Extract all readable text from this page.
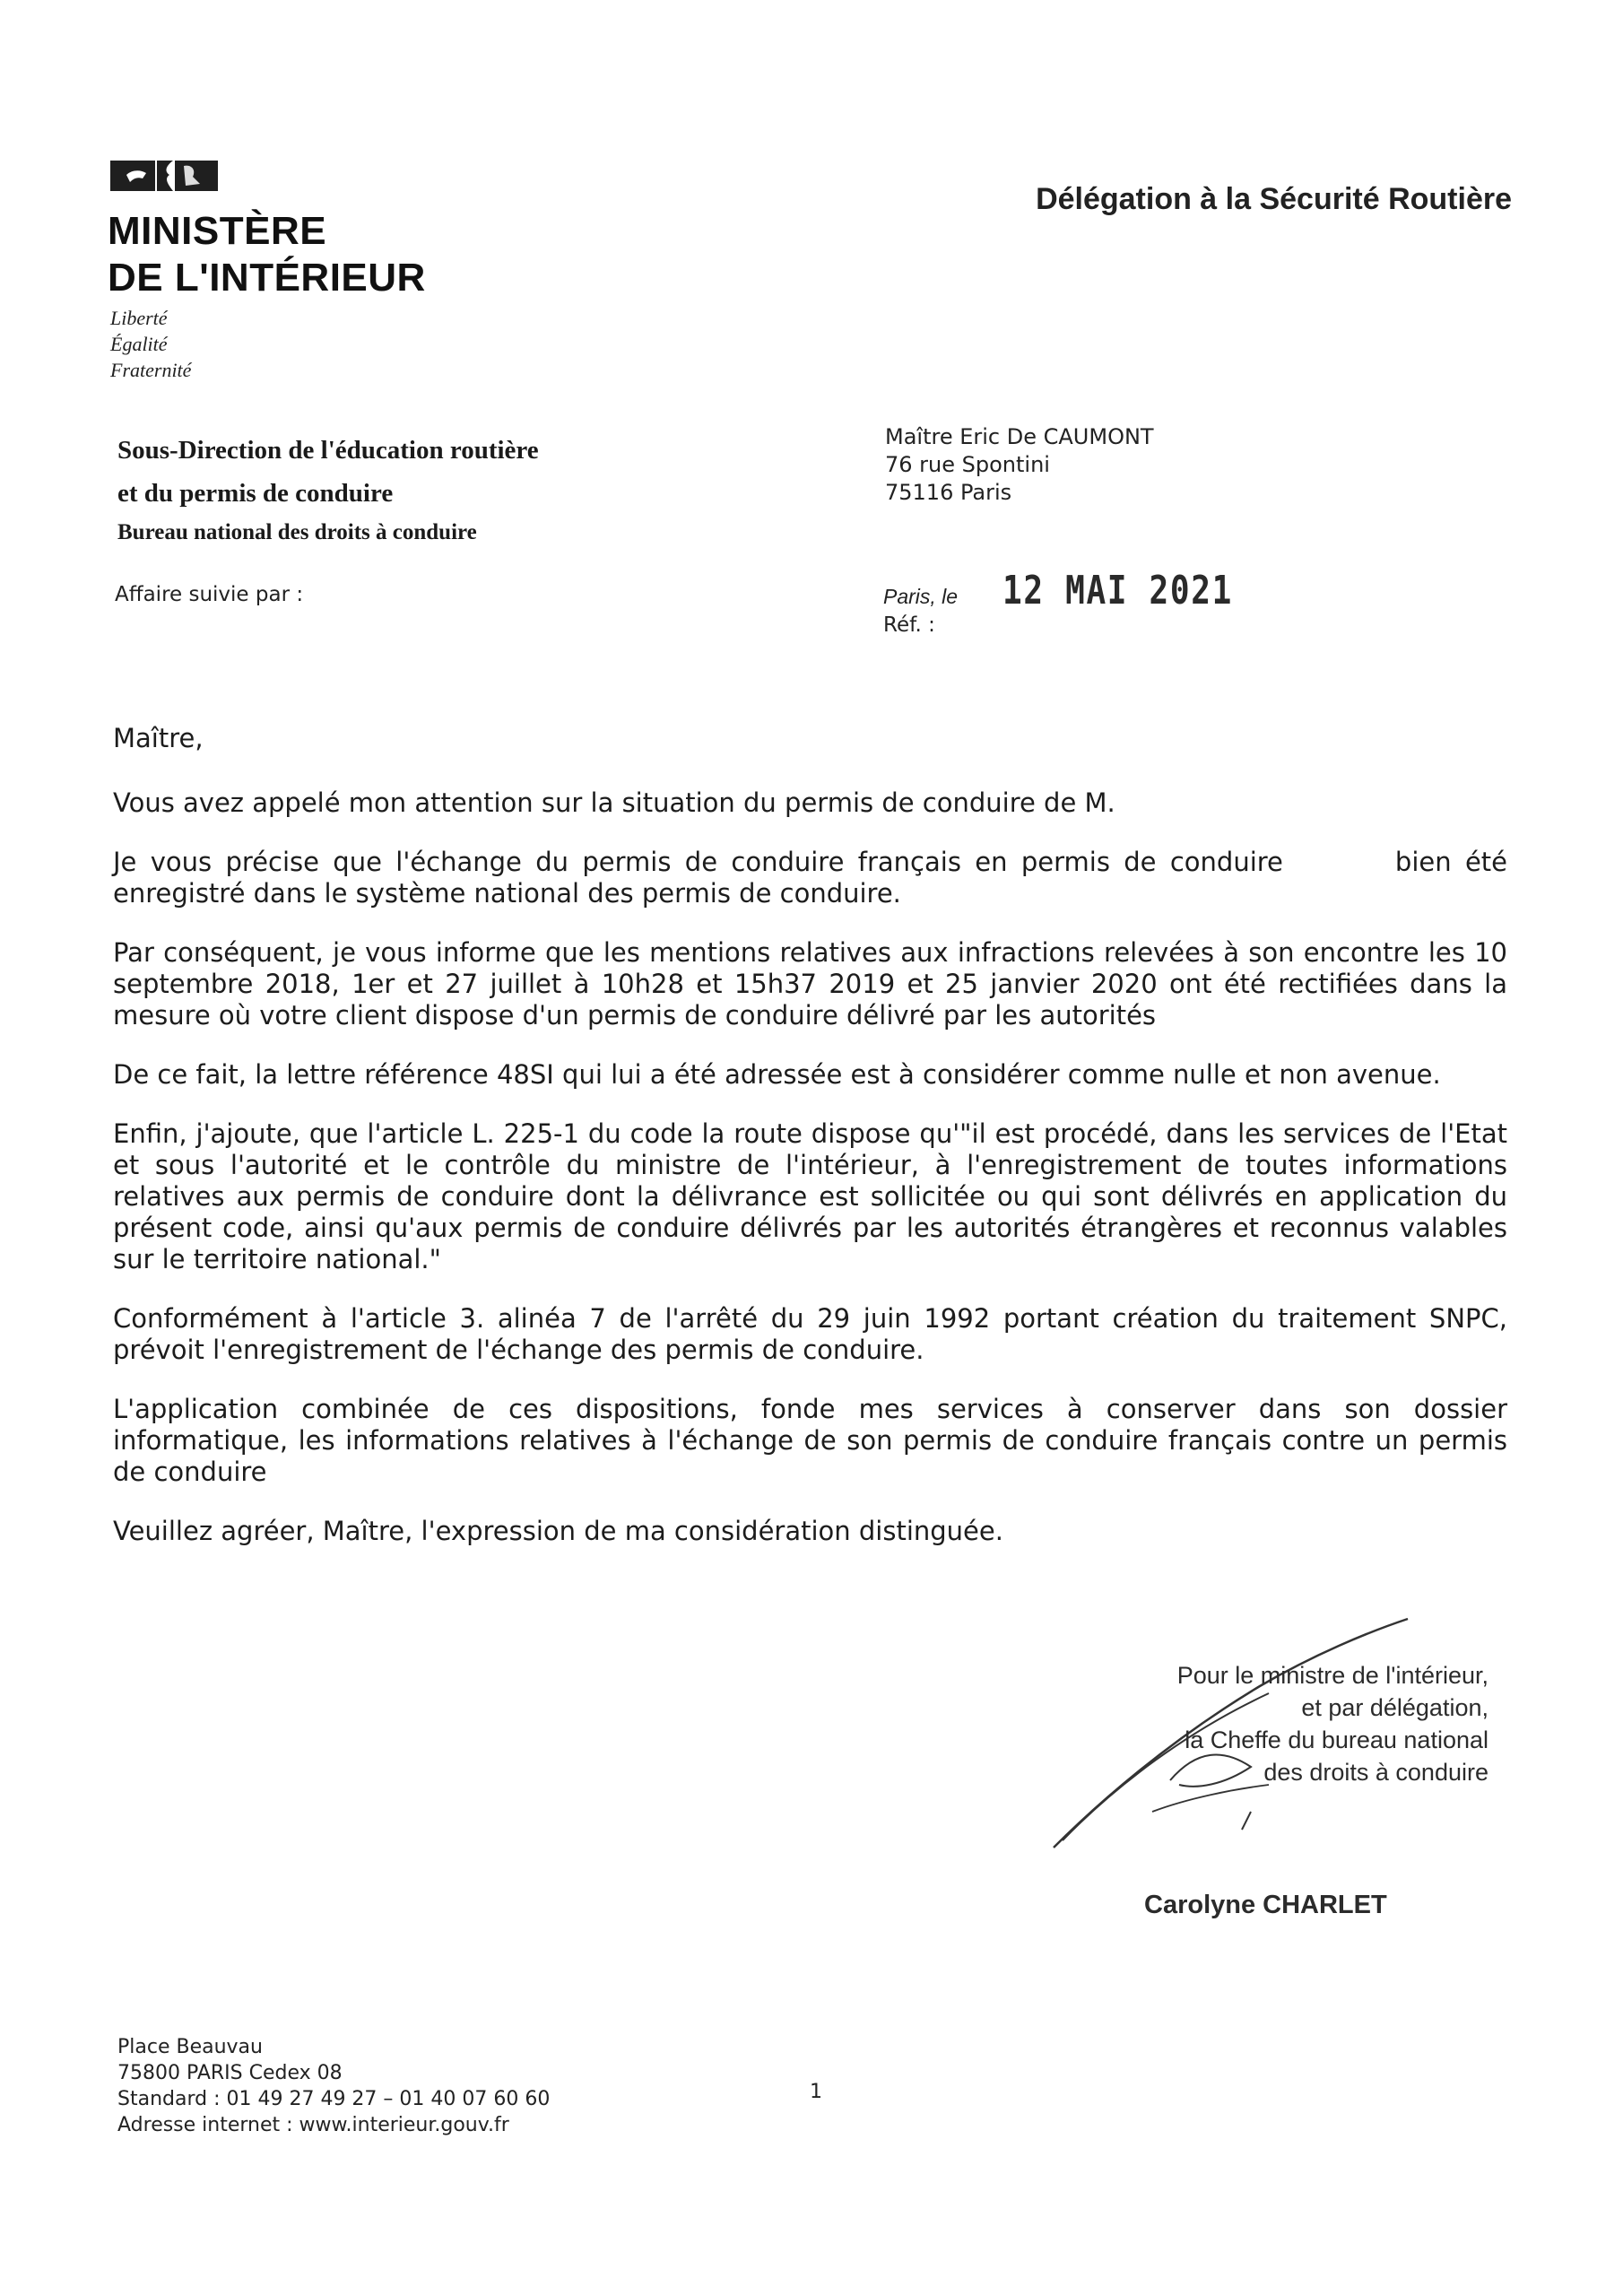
MINISTÈRE
DE L'INTÉRIEUR
Liberté
Égalité
Fraternité
Délégation à la Sécurité Routière
Sous-Direction de l'éducation routière
et du permis de conduire
Bureau national des droits à conduire
Affaire suivie par :
Maître Eric De CAUMONT
76 rue Spontini
75116 Paris
Paris, le 12 MAI 2021
Réf. :

Maître,

Vous avez appelé mon attention sur la situation du permis de conduire de M.

Je vous précise que l'échange du permis de conduire français en permis de conduire	bien été enregistré dans le système national des permis de conduire.

Par conséquent, je vous informe que les mentions relatives aux infractions relevées à son encontre les 10 septembre 2018, 1er et 27 juillet à 10h28 et 15h37 2019 et 25 janvier 2020 ont été rectifiées dans la mesure où votre client dispose d'un permis de conduire délivré par les autorités

De ce fait, la lettre référence 48SI qui lui a été adressée est à considérer comme nulle et non avenue.

Enfin, j'ajoute, que l'article L. 225-1 du code la route dispose qu'"il est procédé, dans les services de l'Etat et sous l'autorité et le contrôle du ministre de l'intérieur, à l'enregistrement de toutes informations relatives aux permis de conduire dont la délivrance est sollicitée ou qui sont délivrés en application du présent code, ainsi qu'aux permis de conduire délivrés par les autorités étrangères et reconnus valables sur le territoire national."

Conformément à l'article 3. alinéa 7 de l'arrêté du 29 juin 1992 portant création du traitement SNPC, prévoit l'enregistrement de l'échange des permis de conduire.

L'application combinée de ces dispositions, fonde mes services à conserver dans son dossier informatique, les informations relatives à l'échange de son permis de conduire français contre un permis de conduire

Veuillez agréer, Maître, l'expression de ma considération distinguée.

Pour le ministre de l'intérieur,
et par délégation,
la Cheffe du bureau national
des droits à conduire
Carolyne CHARLET
Place Beauvau
75800 PARIS Cedex 08
Standard : 01 49 27 49 27 – 01 40 07 60 60
Adresse internet : www.interieur.gouv.fr
1
